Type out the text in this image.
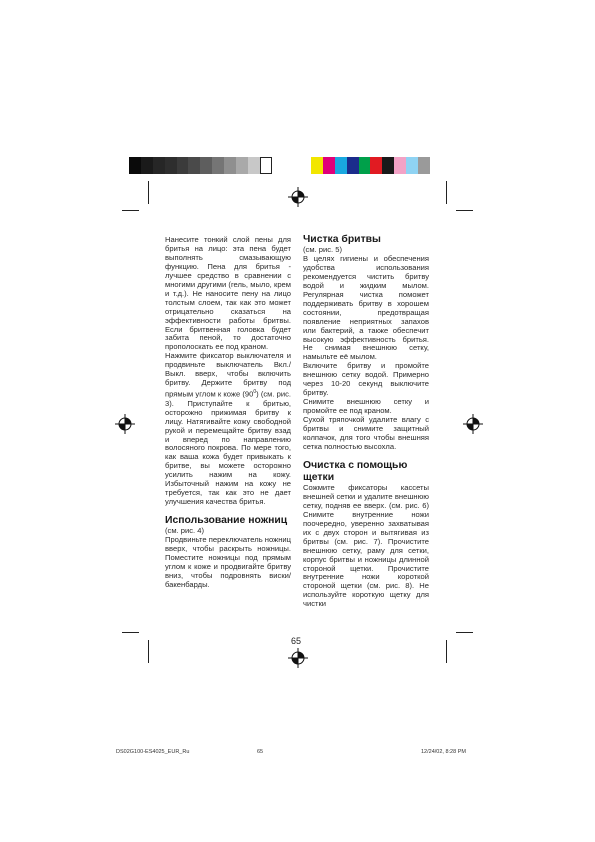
Нанесите тонкий слой пены для бритья на лицо: эта пена будет выполнять смазывающую функцию. Пена для бритья - лучшее средство в сравнении с многими другими (гель, мыло, крем и т.д.). Не наносите пену на лицо толстым слоем, так как это может отрицательно сказаться на эффективности работы бритвы. Если бритвенная головка будет забита пеной, то достаточно прополоскать ее под краном.

Нажмите фиксатор выключателя и продвиньте выключатель Вкл./Выкл. вверх, чтобы включить бритву. Держите бритву под прямым углом к коже $(90^0)$ (см. рис. 3). Приступайте к бритью, осторожно прижимая бритву к лицу. Натягивайте кожу свободной рукой и перемещайте бритву взад и вперед по направлению волосяного покрова. По мере того, как ваша кожа будет привыкать к бритве, вы можете осторожно усилить нажим на кожу. Избыточный нажим на кожу не требуется, так как это не дает улучшения качества бритья.

Использование ножниц

(см. рис. 4)

Продвиньте переключатель ножниц вверх, чтобы раскрыть ножницы. Поместите ножницы под прямым углом к коже и продвигайте бритву вниз, чтобы подровнять виски/бакенбарды.

Чистка бритвы

(см. рис. 5)

В целях гигиены и обеспечения удобства использования рекомендуется чистить бритву водой и жидким мылом. Регулярная чистка поможет поддерживать бритву в хорошем состоянии, предотвращая появление неприятных запахов или бактерий, а также обеспечит высокую эффективность бритья. Не снимая внешнюю сетку, намыльте её мылом.

Включите бритву и промойте внешнюю сетку водой. Примерно через 10-20 секунд выключите бритву.

Снимите внешнюю сетку и промойте ее под краном.

Сухой тряпочкой удалите влагу с бритвы и снимите защитный колпачок, для того чтобы внешняя сетка полностью высохла.

Очистка с помощью щетки

Сожмите фиксаторы кассеты внешней сетки и удалите внешнюю сетку, подняв ее вверх. (см. рис. 6) Снимите внутренние ножи поочередно, уверенно захватывая их с двух сторон и вытягивая из бритвы (см. рис. 7). Прочистите внешнюю сетку, раму для сетки, корпус бритвы и ножницы длинной стороной щетки. Прочистите внутренние ножи короткой стороной щетки (см. рис. 8). Не используйте короткую щетку для чистки

65
DS02G100-ES4025_EUR_Ru	65	12/24/02, 8:28 PM
